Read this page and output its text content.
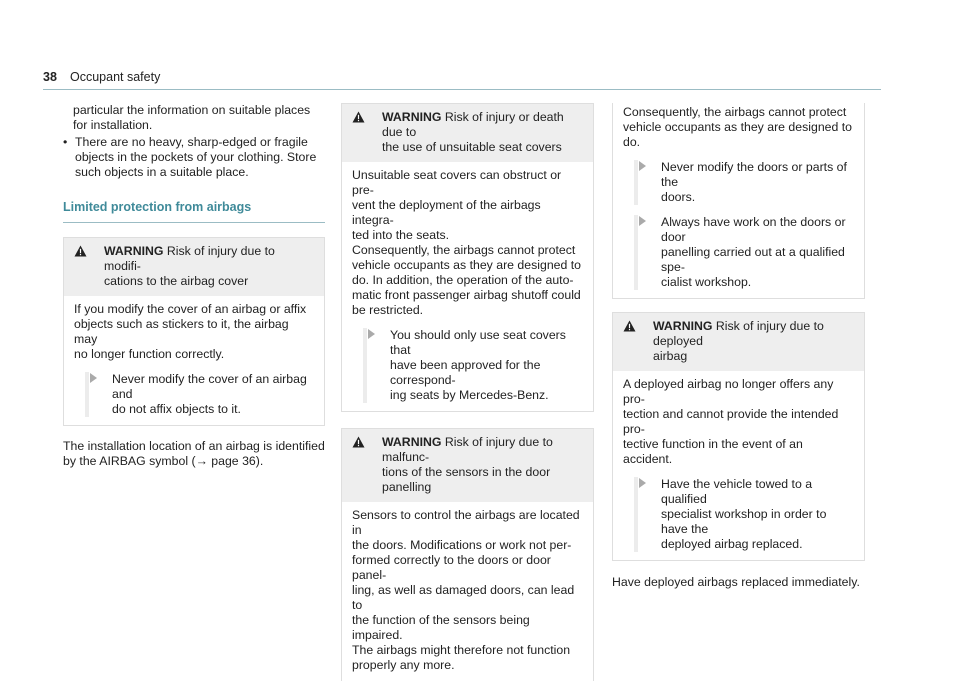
38 Occupant safety
particular the information on suitable places
for installation.
• There are no heavy, sharp-edged or fragile
objects in the pockets of your clothing. Store
such objects in a suitable place.
Limited protection from airbags
WARNING Risk of injury due to modifi-
cations to the airbag cover
If you modify the cover of an airbag or affix
objects such as stickers to it, the airbag may
no longer function correctly.
Never modify the cover of an airbag and
do not affix objects to it.
The installation location of an airbag is identified
by the AIRBAG symbol (→ page 36).
WARNING Risk of injury or death due to
the use of unsuitable seat covers
Unsuitable seat covers can obstruct or pre-
vent the deployment of the airbags integra-
ted into the seats.
Consequently, the airbags cannot protect
vehicle occupants as they are designed to
do. In addition, the operation of the auto-
matic front passenger airbag shutoff could
be restricted.
You should only use seat covers that
have been approved for the correspond-
ing seats by Mercedes-Benz.
WARNING Risk of injury due to malfunc-
tions of the sensors in the door panelling
Sensors to control the airbags are located in
the doors. Modifications or work not per-
formed correctly to the doors or door panel-
ling, as well as damaged doors, can lead to
the function of the sensors being impaired.
The airbags might therefore not function
properly any more.
Consequently, the airbags cannot protect
vehicle occupants as they are designed to
do.
Never modify the doors or parts of the
doors.
Always have work on the doors or door
panelling carried out at a qualified spe-
cialist workshop.
WARNING Risk of injury due to deployed
airbag
A deployed airbag no longer offers any pro-
tection and cannot provide the intended pro-
tective function in the event of an accident.
Have the vehicle towed to a qualified
specialist workshop in order to have the
deployed airbag replaced.
Have deployed airbags replaced immediately.
